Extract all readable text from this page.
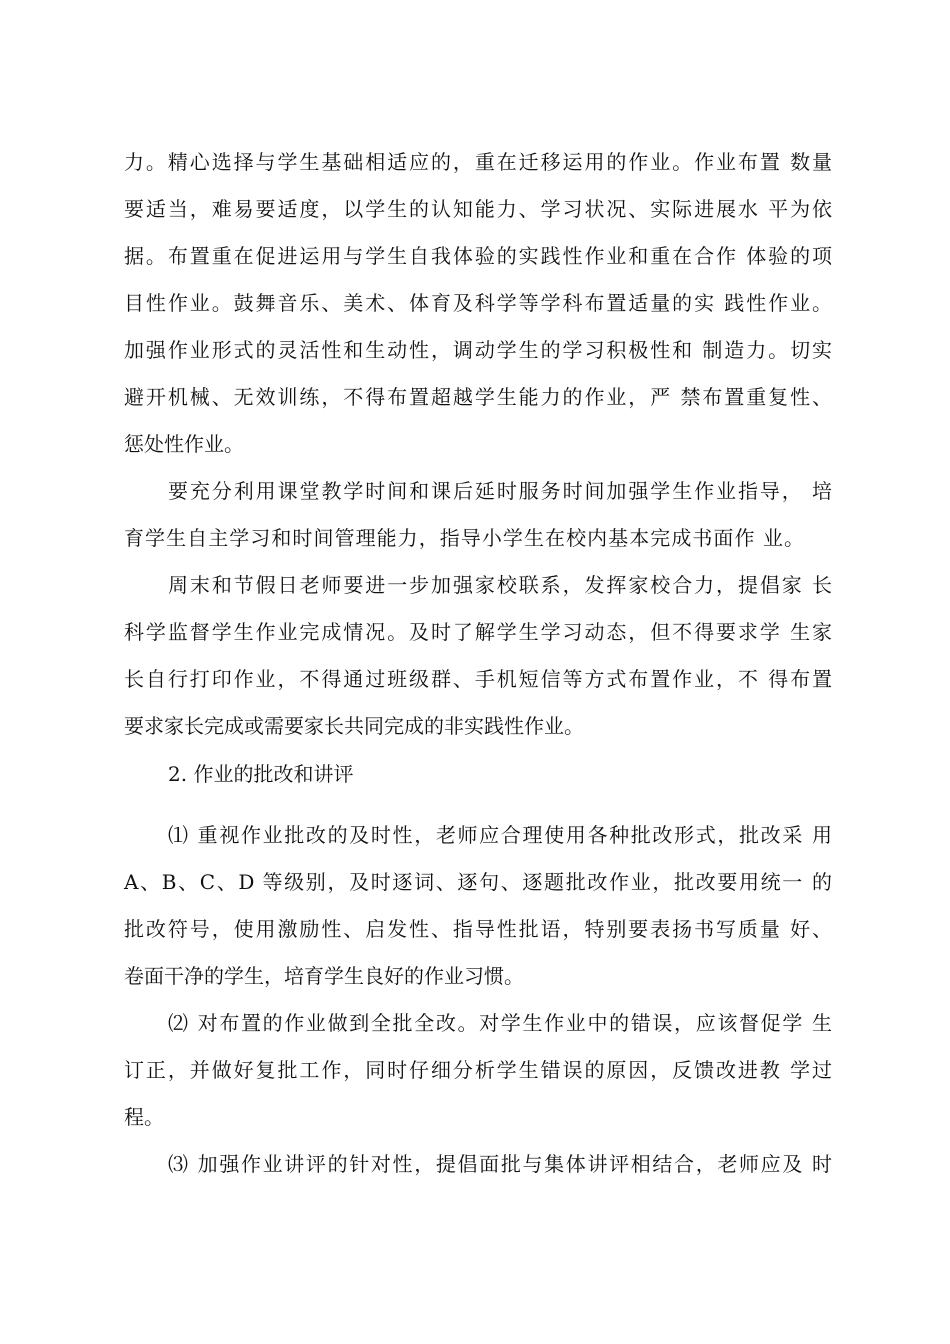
力。精心选择与学生基础相适应的，重在迁移运用的作业。作业布置 数量
要适当，难易要适度，以学生的认知能力、学习状况、实际进展水 平为依
据。布置重在促进运用与学生自我体验的实践性作业和重在合作 体验的项
目性作业。鼓舞音乐、美术、体育及科学等学科布置适量的实 践性作业。
加强作业形式的灵活性和生动性，调动学生的学习积极性和 制造力。切实
避开机械、无效训练，不得布置超越学生能力的作业，严 禁布置重复性、
惩处性作业。
要充分利用课堂教学时间和课后延时服务时间加强学生作业指导， 培
育学生自主学习和时间管理能力，指导小学生在校内基本完成书面作 业。
周末和节假日老师要进一步加强家校联系，发挥家校合力，提倡家 长
科学监督学生作业完成情况。及时了解学生学习动态，但不得要求学 生家
长自行打印作业，不得通过班级群、手机短信等方式布置作业，不 得布置
要求家长完成或需要家长共同完成的非实践性作业。
2. 作业的批改和讲评
⑴ 重视作业批改的及时性，老师应合理使用各种批改形式，批改采 用
A、B、C、D 等级别，及时逐词、逐句、逐题批改作业，批改要用统一 的
批改符号，使用激励性、启发性、指导性批语，特别要表扬书写质量 好、
卷面干净的学生，培育学生良好的作业习惯。
⑵ 对布置的作业做到全批全改。对学生作业中的错误，应该督促学 生
订正，并做好复批工作，同时仔细分析学生错误的原因，反馈改进教 学过
程。
⑶ 加强作业讲评的针对性，提倡面批与集体讲评相结合，老师应及 时
